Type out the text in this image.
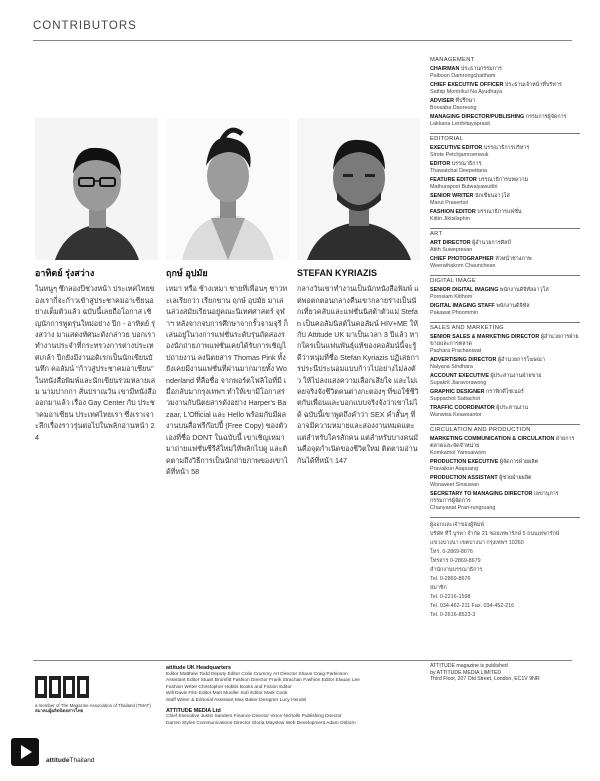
CONTRIBUTORS
อาทิตย์ รุ่งสว่าง
ในหนูๆ ซึกลองปีช่วงหน้า ประเทศไทยของเรากี่จะก้าวเข้าสู่ประชาคมอาเซียนอย่างเต็มตัวแล้ว ฉบับนี้เลยถือโอกาส เชิญนักการทูตรุ่นใหม่อย่าง ปีก - อาทิตย์ รุ่งสว่าง มาแสดงทัศนะดังกล่าวย บอกเราทำงานประจำที่กระทรวงการต่างประเทศเกล้า ปีกยังมีงานอดิเรกเป็นนักเขียนบันทึก คอลัมน์ "ก้าวสู่ประชาคมอาเซียน" ในหนังสือพิมพ์และนักเขียนร่วมหลายเล่ม นามปากกา สั่นปราณวัน เขามีหนังสือออกมาแล้ว เรื่อง Gay Center กับ ประชาคมอาเซียน ประเทศไทยเรา ซึ่งเราเจาะลึกเรื่องราวรุ่นต่อไปในพลิกอ่านหน้า 24
ฤกษ์ อุปมัย
เหมา หรือ ช้างเหมา ชายที่เพื่อนๆ ชาวทะเลเรียกว่า เรียกขาน ฤกษ์ อุปมัย มาเล่นล่วงสมัยเรียนอยู่คณะนิเทศศาสตร์ จุฬาฯ หลังจากจบการศึกษาจากรั้วจามจุรี ก็เล่นอยู่ในวงการแฟชั่นระดับรุ่นถัดสองรองนักถ่ายภาพแฟชั่นเคยได้รับการเชิญไปถ่ายงาน ลงนิตยสาร Thomas Pink ทั้งยังเคยมีงานแฟชั่นที่ผ่านมากมายทั้ง Wonderland ที่ลือชื่อ จากพอร์ตโฟลิโอที่มี เมื่อกลับมากรุงเทพฯ ทำให้เขามีโอกาสร่วมงานกับนิตยสารดังอย่าง Harper's Bazaar, L'Official และ Hello พร้อมกับมีผลงานบนสื่อฟรีก๊อปปี้ (Free Copy) ของตัวเองที่ชื่อ DONT ในฉบับนี้ เขาเชิญเหมามาถ่ายแฟชั่นซีรีส์ใหม่ให้พลิกไปดู และติดตามถึงวิธีการเป็นนักถ่ายภาพของเขาได้ที่หน้า 58
STEFAN KYRIAZIS
กลางวันเขาทำงานเป็นนักหนังสือพิมพ์ แต่พอตกตอนกลางคืนเขากลายร่างเป็นนักเที่ยวคลับและแฟชั่นนิสต้าตัวแม่ Stefan เป็นคอลัมนิสต์ในคอลัมน์ HIV+ME ให้กับ Attitude UK มาเป็นเวลา 3 ปีแล้ว หากใครเป็นแฟนพันธุ์แท้ของคอลัมน์นี้จะรู้ดีว่าหนุ่มที่ชื่อ Stefan Kyriazis ปฏิเสธการประนีประนอมแบบก้าวไปอย่างไม่ลงตัว ให้ไปลงแสงความเลือกเสียใจ และไม่เคยจริงจังชีวิตคนต่างกะตองๆ ที่ขอใช้ชีวิตกับเพื่อนและบอกแบบจริงจังว่าเขาไม่ได้ ฉบับนี้เขาพูดถึงคำว่า SEX คำสั้นๆ ที่อาจมีความหมายและสองงานหมดแตะแต่สำหรับใครสักคน แต่สำหรับบางคนมันคือจุดกำเนิดของชีวิตใหม่ ติดตามอ่านกันได้ที่หน้า 147
MANAGEMENT
CHAIRMAN ประธานกรรมการ
Paiboon Damrongchaitham
CHIEF EXECUTIVE OFFICER ประธานเจ้าหน้าที่บริหาร
Sathip Montrikul Na Ayudhaya
ADVISER ที่ปรึกษา
Boosaba Daoreung
MANAGING DIRECTOR/PUBLISHING กรรมการผู้จัดการ
Lakkana Lerdvitayaprasit
EDITORIAL
EXECUTIVE EDITOR บรรณาธิการบริหาร
Sirote Petchjamroenwuk
EDITOR บรรณาธิการ
Thawatchai Deepettana
FEATURE EDITOR บรรณาธิการบทความ
Mathurapost Butwaiyawutthi
SENIOR WRITER นักเขียนอาวุโส
Marut Prasertsri
FASHION EDITOR บรรณาธิการแฟชั่น
Kittin Jiktsilaphin
ART
ART DIRECTOR ผู้อำนวยการศิลป์
Atith Suwepresan
CHIEF PHOTOGRAPHER หัวหน้าช่างภาพ
Weerathakom Chaunchean
DIGITAL IMAGE
SENIOR DIGITAL IMAGING พนักงานดิจิทัลอาวุโส
Pornsiam Kitihom
DIGITAL IMAGING STAFF พนักงานดิจิทัล
Pakawat Phoommin
SALES AND MARKETING
SENIOR SALES & MARKETING DIRECTOR ผู้อำนวยการฝ่ายขายและการตลาด
Pachara Prachaniwat
ADVERTISING DIRECTOR ผู้อำนวยการโฆษณา
Nalyana Sindhara
ACCOUNT EXECUTIVE ผู้ประสานงานฝ่ายขาย
Supakrit Jiaravorawong
GRAPHIC DESIGNER กราฟิกดีไซเนอร์
Suppachot Sattachot
TRAFFIC COORDINATOR ผู้ประสานงาน
Wanwisa Keawsantor
CIRCULATION AND PRODUCTION
MARKETING COMMUNICATION & CIRCULATION ฝ่ายการตลาดและจัดจำหน่าย
Komkamol Yamsaiwom
PRODUCTION EXECUTIVE ผู้จัดการฝ่ายผลิต
Pravaikun Aiapuang
PRODUCTION ASSISTANT ผู้ช่วยฝ่ายผลิต
Woraweet Sinsuwan
SECRETARY TO MANAGING DIRECTOR เลขานุการกรรมการผู้จัดการ
Chanyanat Pran-rungruang
ผู้ออกและเจ้าของผู้พิมพ์
บริษัท ทีวี บูรพา จำกัด 21 ซอยเทพารักษ์ 5 ถนนเทพารักษ์
แขวงบางนา เขตบางนา กรุงเทพฯ 10260
โทร. 0-2869-8676
โทรสาร 0-2869-8679
สำนักงานบรรณาธิการ
Tel. 0-2869-8676
สมาชิก
Tel. 0-2216-1598
Tel. 034-462-211 Fax. 034-452-216
Tel. 0-2616-8523-3
a member of The Magazine Association of Thailand (TMAT)
สมาคมผู้ผลิตนิตยสารไทย
attitude UK Headquarters
Editor Matthew Todd Deputy Editor Colin Crummy Art Director Shaun Craig Parkinson
Assistant Editor Stuart Brumfitt Fashion Director Frank Strachan Fashion Editor Elauan Lee
Fashion Writer Christopher Hobbs Books and Fiction Editor
Will Davis Film Editor Matt Mueller Sub Editor Mark Cook
Staff Writer & Editorial Assistant Max Baker Designer Lucy Hendel
ATTITUDE MEDIA Ltd
Chief Executive Justin Sanders Finance Director Vince Nicholls Publishing Director
Darren Styles Communications Director Gloria Mayslew Web Development Adam Osborn
ATTITUDE magazine is published
by ATTITUDE MEDIA LIMITED
Third Floor, 207 Old Street, London, EC1V 9NR
attitudeThailand
